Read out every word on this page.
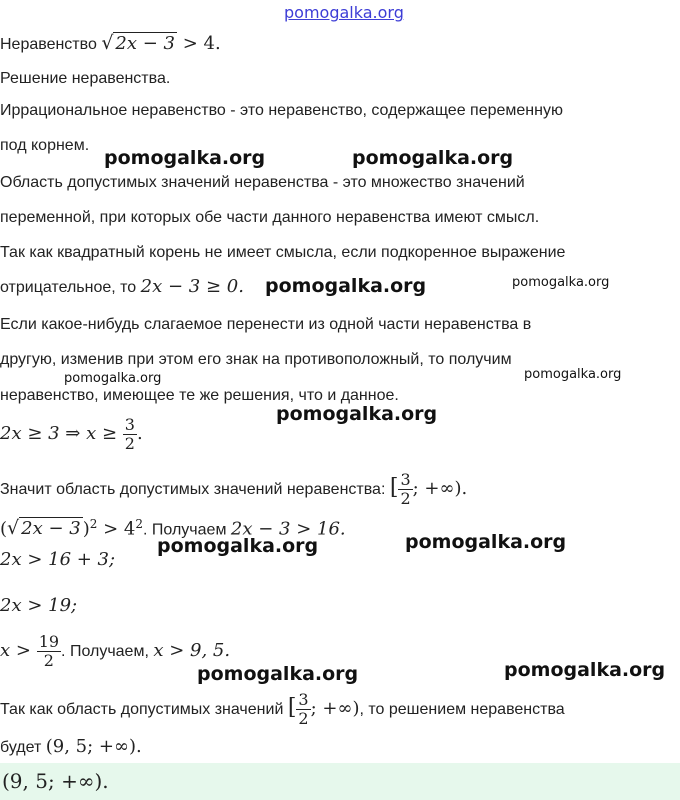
pomogalka.org
Неравенство √ 2x − 3 > 4.
Решение неравенства.
Иррациональное неравенство - это неравенство, содержащее переменную
под корнем.
Область допустимых значений неравенства - это множество значений
переменной, при которых обе части данного неравенства имеют смысл.
Так как квадратный корень не имеет смысла, если подкоренное выражение
отрицательное, то 2x − 3 ≥ 0.
Если какое-нибудь слагаемое перенести из одной части неравенства в
другую, изменив при этом его знак на противоположный, то получим
неравенство, имеющее те же решения, что и данное.
2x ≥ 3 ⇒ $x \ge \frac{3}{2}$ .
Значит область допустимых значений неравенства: [ $\frac{3}{2}$ ; +∞).
(√ 2x − 3 )$^2 > 4^2$. Получаем 2x − 3 > 16.
2x > 16 + 3;
2x > 19;
$x > \frac{19}{2}$ . Получаем, x > 9, 5.
Так как область допустимых значений [ $\frac{3}{2}$ ; +∞), то решением неравенства
будет (9, 5; +∞).
(9, 5; +∞).
pomogalka.org	pomogalka.org
pomogalka.org	pomogalka.org
pomogalka.org	pomogalka.org
pomogalka.org
pomogalka.org	pomogalka.org
pomogalka.org	pomogalka.org
